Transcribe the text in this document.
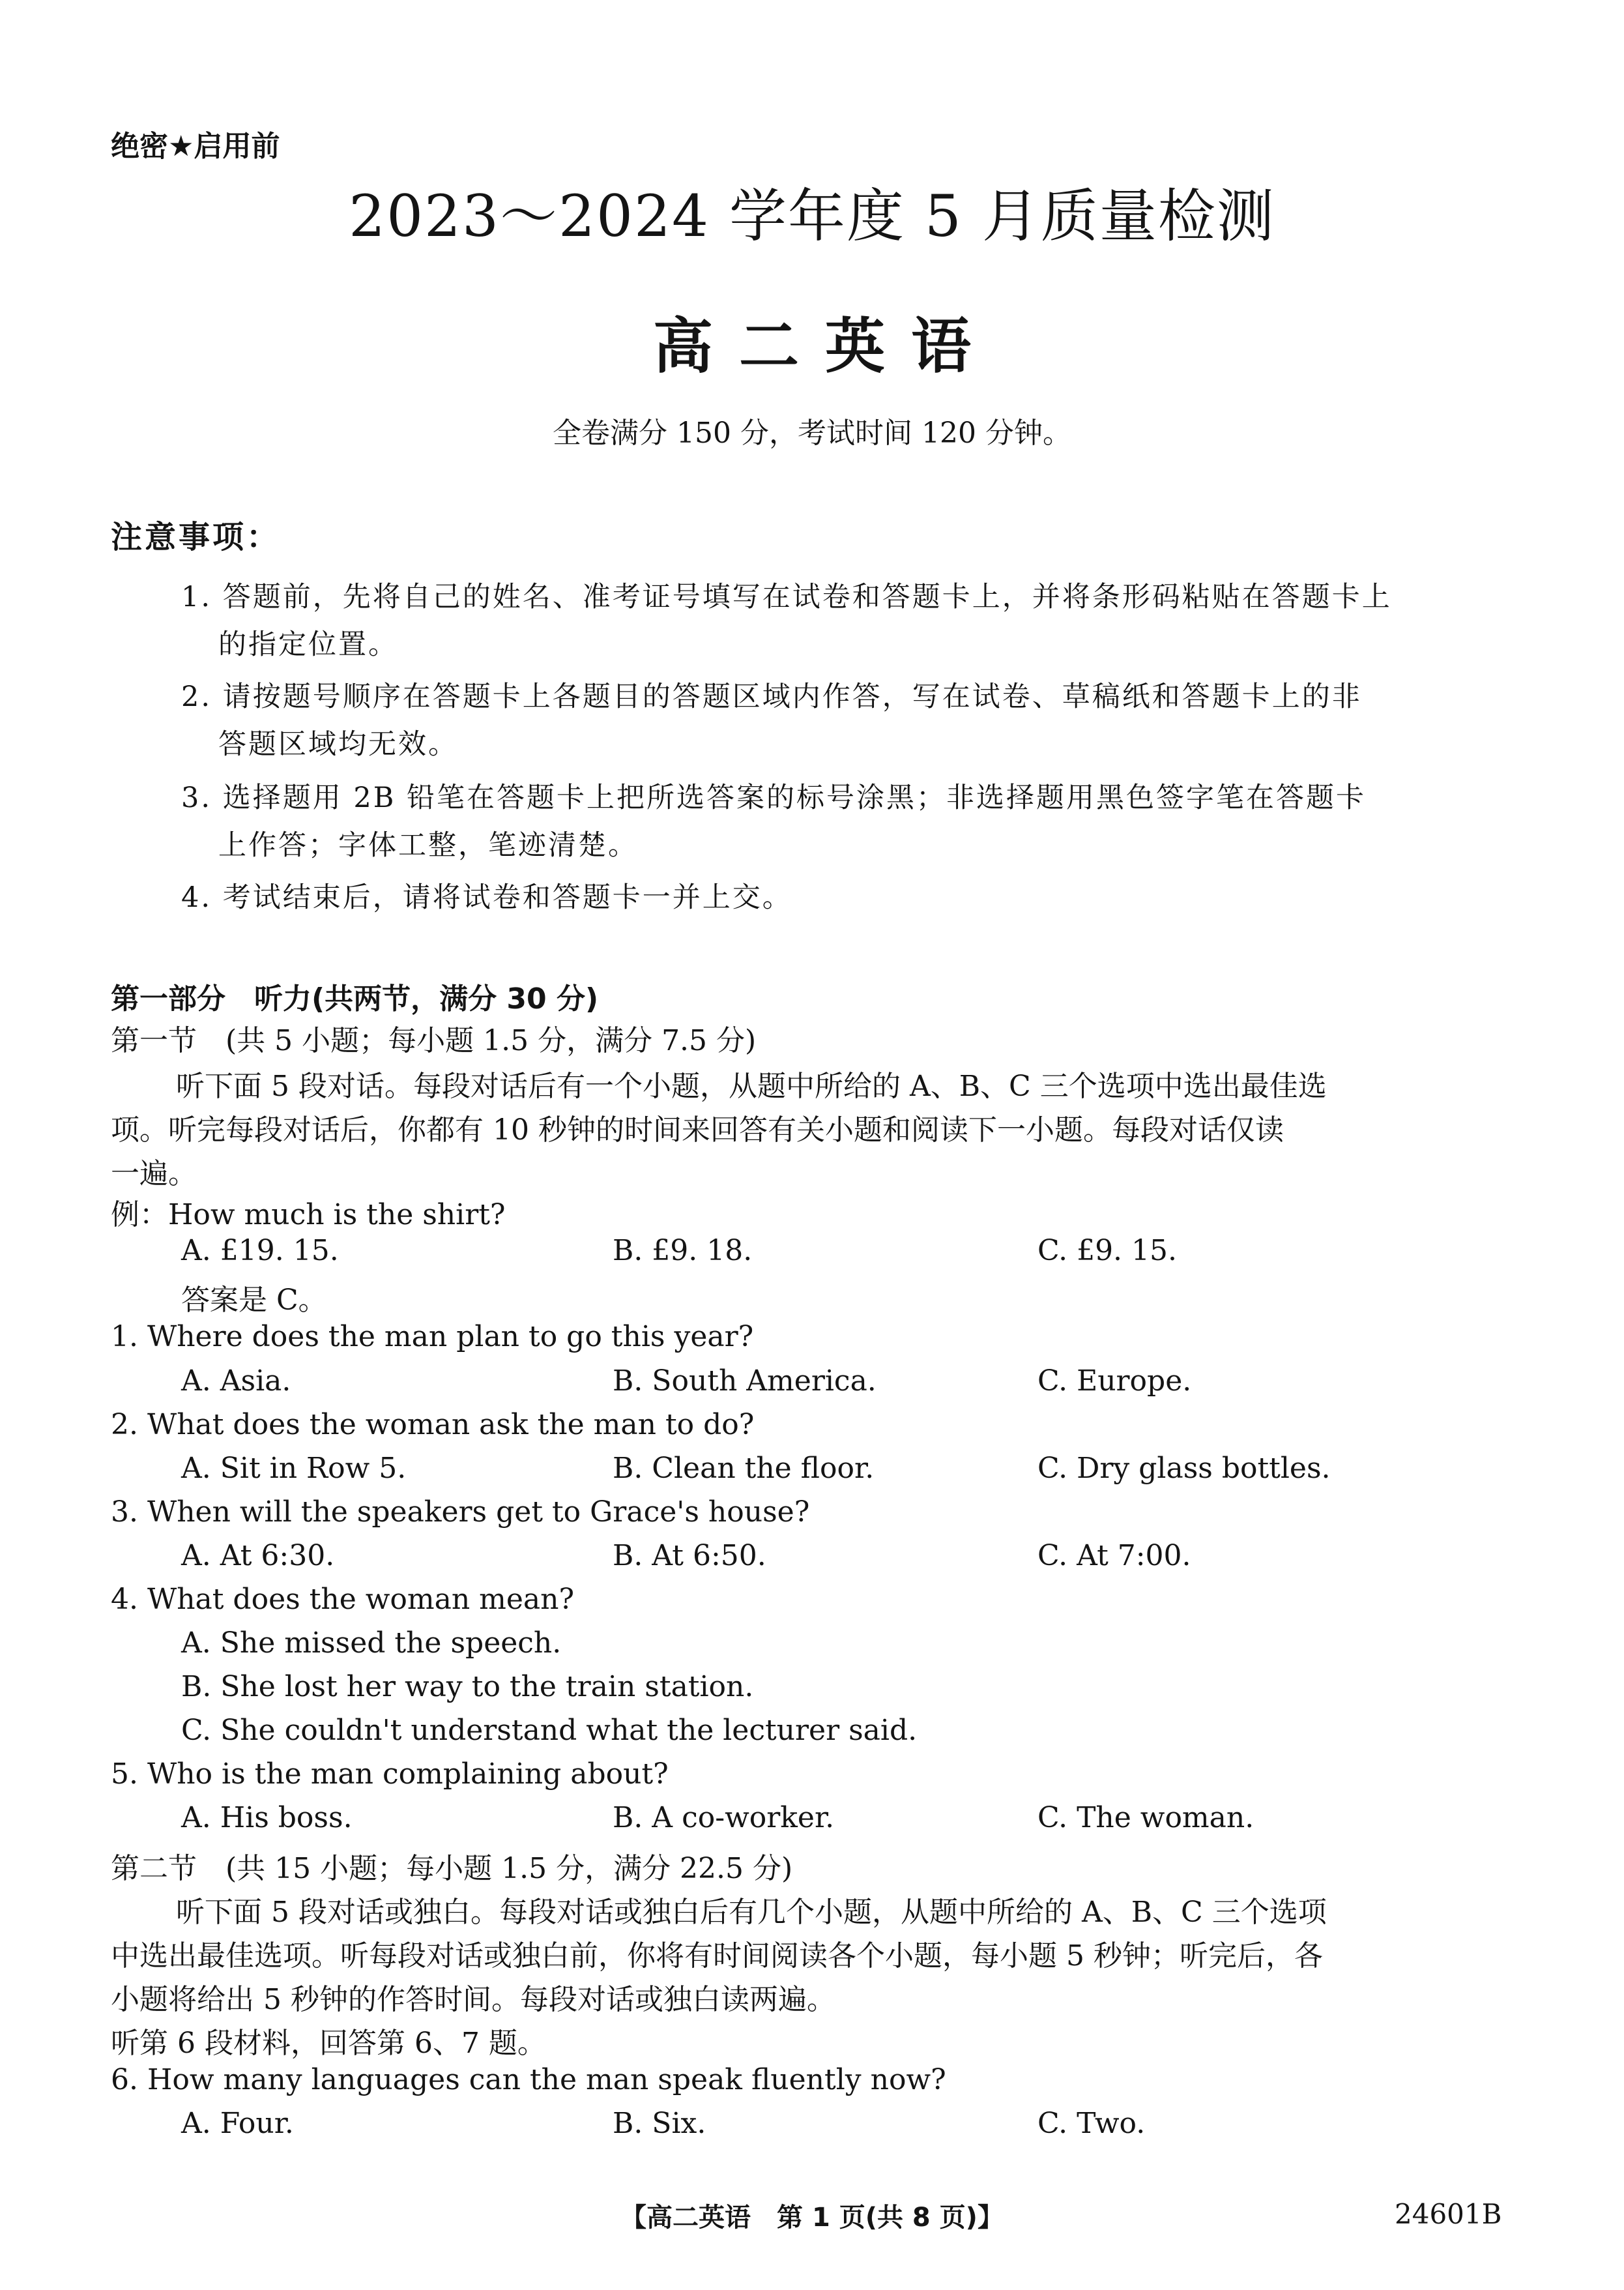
绝密★启用前
2023～2024 学年度 5 月质量检测
高二英语
全卷满分 150 分，考试时间 120 分钟。
注意事项：
1. 答题前，先将自己的姓名、准考证号填写在试卷和答题卡上，并将条形码粘贴在答题卡上
的指定位置。
2. 请按题号顺序在答题卡上各题目的答题区域内作答，写在试卷、草稿纸和答题卡上的非
答题区域均无效。
3. 选择题用 2B 铅笔在答题卡上把所选答案的标号涂黑；非选择题用黑色签字笔在答题卡
上作答；字体工整，笔迹清楚。
4. 考试结束后，请将试卷和答题卡一并上交。
第一部分　听力(共两节，满分 30 分)
第一节　(共 5 小题；每小题 1.5 分，满分 7.5 分)
听下面 5 段对话。每段对话后有一个小题，从题中所给的 A、B、C 三个选项中选出最佳选
项。听完每段对话后，你都有 10 秒钟的时间来回答有关小题和阅读下一小题。每段对话仅读
一遍。
例：How much is the shirt?
A. £19. 15.	B. £9. 18.	C. £9. 15.
答案是 C。
1. Where does the man plan to go this year?
A. Asia.	B. South America.	C. Europe.
2. What does the woman ask the man to do?
A. Sit in Row 5.	B. Clean the floor.	C. Dry glass bottles.
3. When will the speakers get to Grace's house?
A. At 6:30.	B. At 6:50.	C. At 7:00.
4. What does the woman mean?
A. She missed the speech.
B. She lost her way to the train station.
C. She couldn't understand what the lecturer said.
5. Who is the man complaining about?
A. His boss.	B. A co-worker.	C. The woman.
第二节　(共 15 小题；每小题 1.5 分，满分 22.5 分)
听下面 5 段对话或独白。每段对话或独白后有几个小题，从题中所给的 A、B、C 三个选项
中选出最佳选项。听每段对话或独白前，你将有时间阅读各个小题，每小题 5 秒钟；听完后，各
小题将给出 5 秒钟的作答时间。每段对话或独白读两遍。
听第 6 段材料，回答第 6、7 题。
6. How many languages can the man speak fluently now?
A. Four.	B. Six.	C. Two.
【高二英语　第 1 页(共 8 页)】	24601B
